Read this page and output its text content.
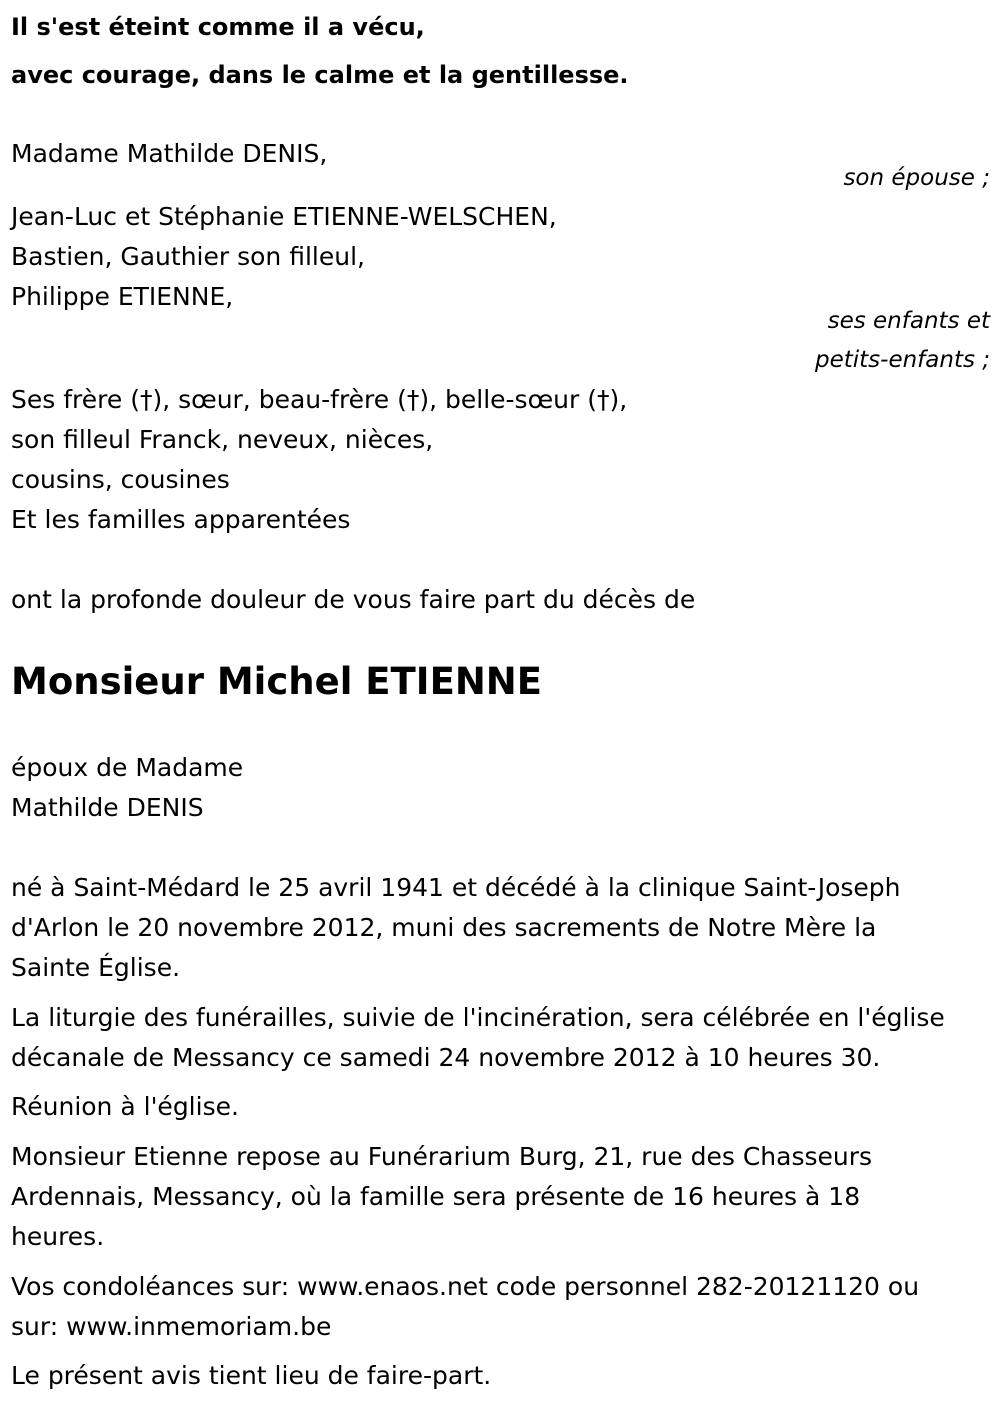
Il s'est éteint comme il a vécu,
avec courage, dans le calme et la gentillesse.
Madame Mathilde DENIS,
son épouse ;
Jean-Luc et Stéphanie ETIENNE-WELSCHEN,
Bastien, Gauthier son filleul,
Philippe ETIENNE,
ses enfants et
petits-enfants ;
Ses frère (†), sœur, beau-frère (†), belle-sœur (†),
son filleul Franck, neveux, nièces,
cousins, cousines
Et les familles apparentées
ont la profonde douleur de vous faire part du décès de
Monsieur Michel ETIENNE
époux de Madame
Mathilde DENIS
né à Saint-Médard le 25 avril 1941 et décédé à la clinique Saint-Joseph
d'Arlon le 20 novembre 2012, muni des sacrements de Notre Mère la
Sainte Église.
La liturgie des funérailles, suivie de l'incinération, sera célébrée en l'église
décanale de Messancy ce samedi 24 novembre 2012 à 10 heures 30.
Réunion à l'église.
Monsieur Etienne repose au Funérarium Burg, 21, rue des Chasseurs
Ardennais, Messancy, où la famille sera présente de 16 heures à 18
heures.
Vos condoléances sur: www.enaos.net code personnel 282-20121120 ou
sur: www.inmemoriam.be
Le présent avis tient lieu de faire-part.
